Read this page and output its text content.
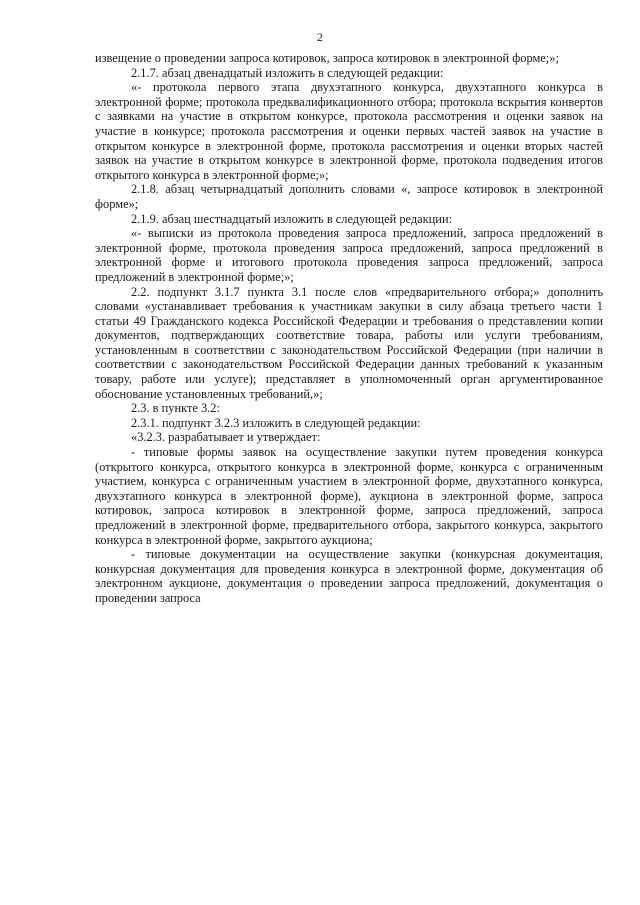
2

извещение о проведении запроса котировок, запроса котировок в электронной форме;»;

2.1.7. абзац двенадцатый изложить в следующей редакции:

«- протокола первого этапа двухэтапного конкурса, двухэтапного конкурса в электронной форме; протокола предквалификационного отбора; протокола вскрытия конвертов с заявками на участие в открытом конкурсе, протокола рассмотрения и оценки заявок на участие в конкурсе; протокола рассмотрения и оценки первых частей заявок на участие в открытом конкурсе в электронной форме, протокола рассмотрения и оценки вторых частей заявок на участие в открытом конкурсе в электронной форме, протокола подведения итогов открытого конкурса в электронной форме;»;

2.1.8. абзац четырнадцатый дополнить словами «, запросе котировок в электронной форме»;

2.1.9. абзац шестнадцатый изложить в следующей редакции:

«- выписки из протокола проведения запроса предложений, запроса предложений в электронной форме, протокола проведения запроса предложений, запроса предложений в электронной форме и итогового протокола проведения запроса предложений, запроса предложений в электронной форме;»;

2.2. подпункт 3.1.7 пункта 3.1 после слов «предварительного отбора;» дополнить словами «устанавливает требования к участникам закупки в силу абзаца третьего части 1 статьи 49 Гражданского кодекса Российской Федерации и требования о представлении копии документов, подтверждающих соответствие товара, работы или услуги требованиям, установленным в соответствии с законодательством Российской Федерации (при наличии в соответствии с законодательством Российской Федерации данных требований к указанным товару, работе или услуге); представляет в уполномоченный орган аргументированное обоснование установленных требований,»;

2.3. в пункте 3.2:

2.3.1. подпункт 3.2.3 изложить в следующей редакции:

«3.2.3. разрабатывает и утверждает:

- типовые формы заявок на осуществление закупки путем проведения конкурса (открытого конкурса, открытого конкурса в электронной форме, конкурса с ограниченным участием, конкурса с ограниченным участием в электронной форме, двухэтапного конкурса, двухэтапного конкурса в электронной форме), аукциона в электронной форме, запроса котировок, запроса котировок в электронной форме, запроса предложений, запроса предложений в электронной форме, предварительного отбора, закрытого конкурса, закрытого конкурса в электронной форме, закрытого аукциона;

- типовые документации на осуществление закупки (конкурсная документация, конкурсная документация для проведения конкурса в электронной форме, документация об электронном аукционе, документация о проведении запроса предложений, документация о проведении запроса
